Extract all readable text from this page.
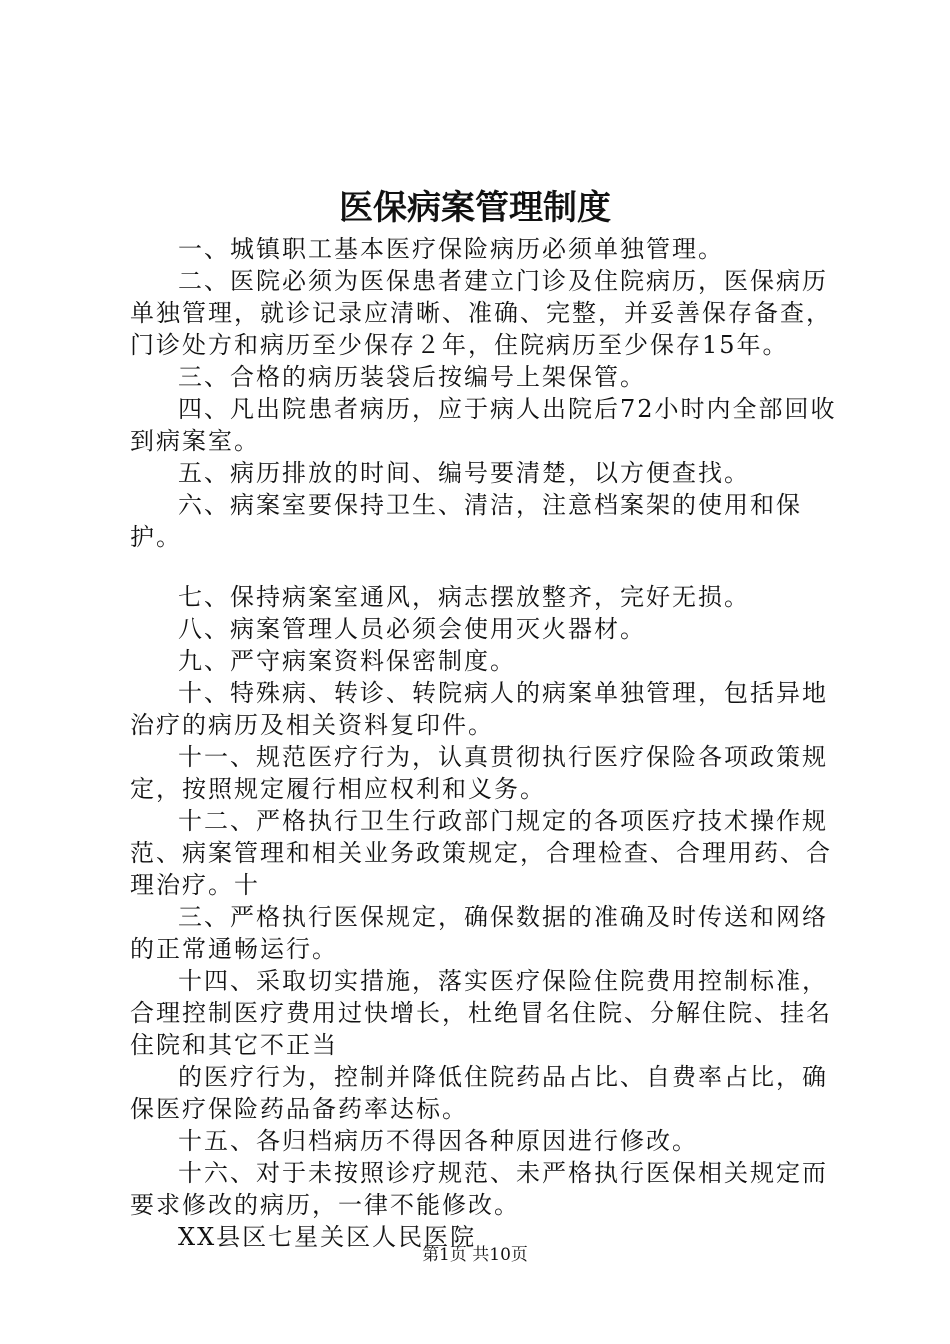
医保病案管理制度

一、城镇职工基本医疗保险病历必须单独管理。

二、医院必须为医保患者建立门诊及住院病历，医保病历单独管理，就诊记录应清晰、准确、完整，并妥善保存备查，门诊处方和病历至少保存２年，住院病历至少保存15年。

三、合格的病历装袋后按编号上架保管。

四、凡出院患者病历，应于病人出院后72小时内全部回收到病案室。

五、病历排放的时间、编号要清楚，以方便查找。

六、病案室要保持卫生、清洁，注意档案架的使用和保护。

七、保持病案室通风，病志摆放整齐，完好无损。

八、病案管理人员必须会使用灭火器材。

九、严守病案资料保密制度。

十、特殊病、转诊、转院病人的病案单独管理，包括异地治疗的病历及相关资料复印件。

十一、规范医疗行为，认真贯彻执行医疗保险各项政策规定，按照规定履行相应权利和义务。

十二、严格执行卫生行政部门规定的各项医疗技术操作规范、病案管理和相关业务政策规定，合理检查、合理用药、合理治疗。十

三、严格执行医保规定，确保数据的准确及时传送和网络的正常通畅运行。

十四、采取切实措施，落实医疗保险住院费用控制标准，合理控制医疗费用过快增长，杜绝冒名住院、分解住院、挂名住院和其它不正当

的医疗行为，控制并降低住院药品占比、自费率占比，确保医疗保险药品备药率达标。

十五、各归档病历不得因各种原因进行修改。

十六、对于未按照诊疗规范、未严格执行医保相关规定而要求修改的病历，一律不能修改。

XX县区七星关区人民医院

第1页 共10页
